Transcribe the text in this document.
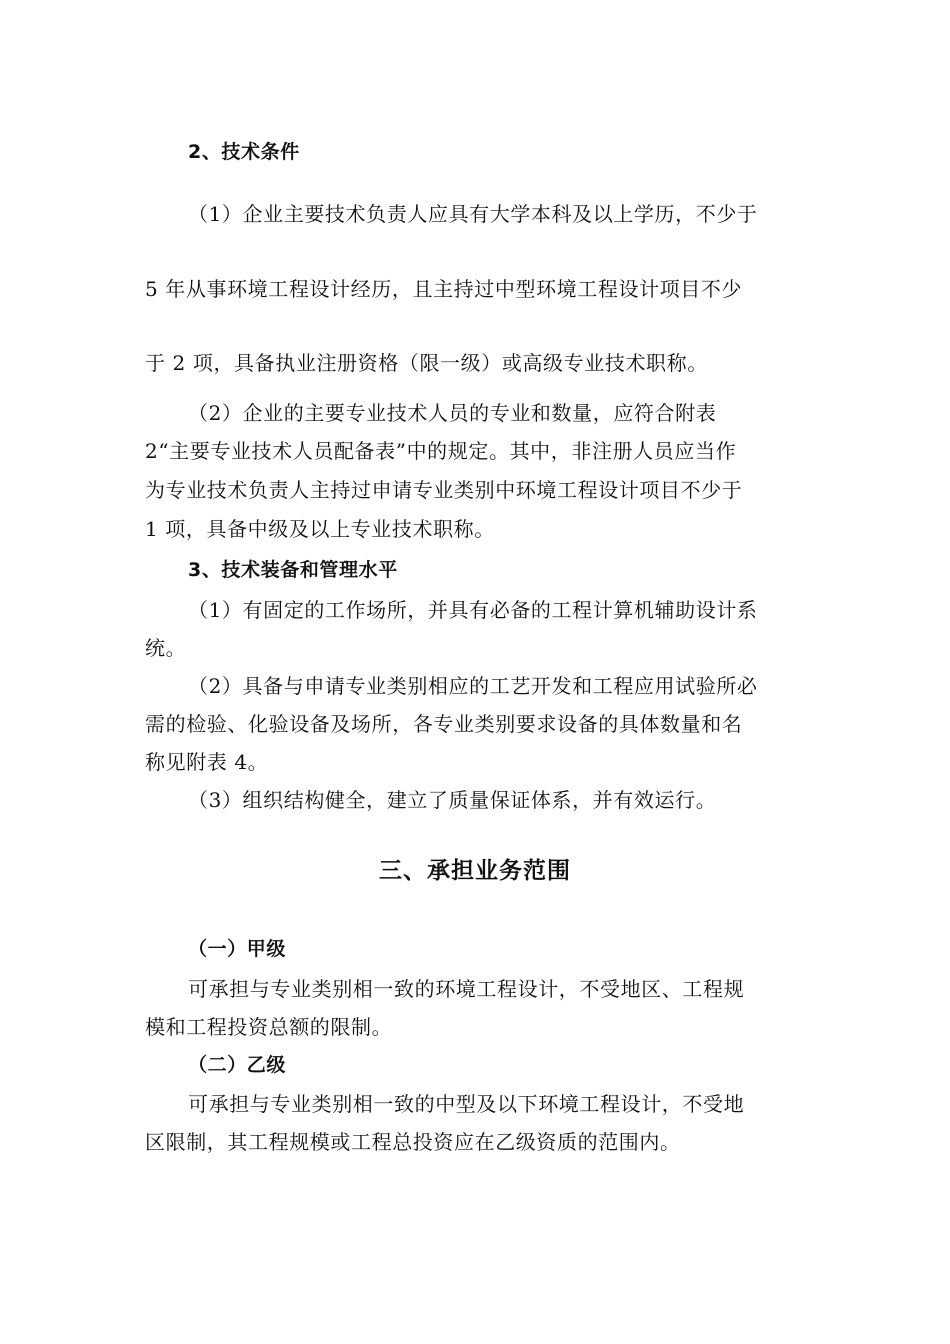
2、技术条件
（1）企业主要技术负责人应具有大学本科及以上学历，不少于
5 年从事环境工程设计经历，且主持过中型环境工程设计项目不少
于 2 项，具备执业注册资格（限一级）或高级专业技术职称。
（2）企业的主要专业技术人员的专业和数量，应符合附表
2“主要专业技术人员配备表”中的规定。其中，非注册人员应当作
为专业技术负责人主持过申请专业类别中环境工程设计项目不少于
1 项，具备中级及以上专业技术职称。
3、技术装备和管理水平
（1）有固定的工作场所，并具有必备的工程计算机辅助设计系
统。
（2）具备与申请专业类别相应的工艺开发和工程应用试验所必
需的检验、化验设备及场所，各专业类别要求设备的具体数量和名
称见附表 4。
（3）组织结构健全，建立了质量保证体系，并有效运行。
三、承担业务范围
（一）甲级
可承担与专业类别相一致的环境工程设计，不受地区、工程规
模和工程投资总额的限制。
（二）乙级
可承担与专业类别相一致的中型及以下环境工程设计，不受地
区限制，其工程规模或工程总投资应在乙级资质的范围内。
